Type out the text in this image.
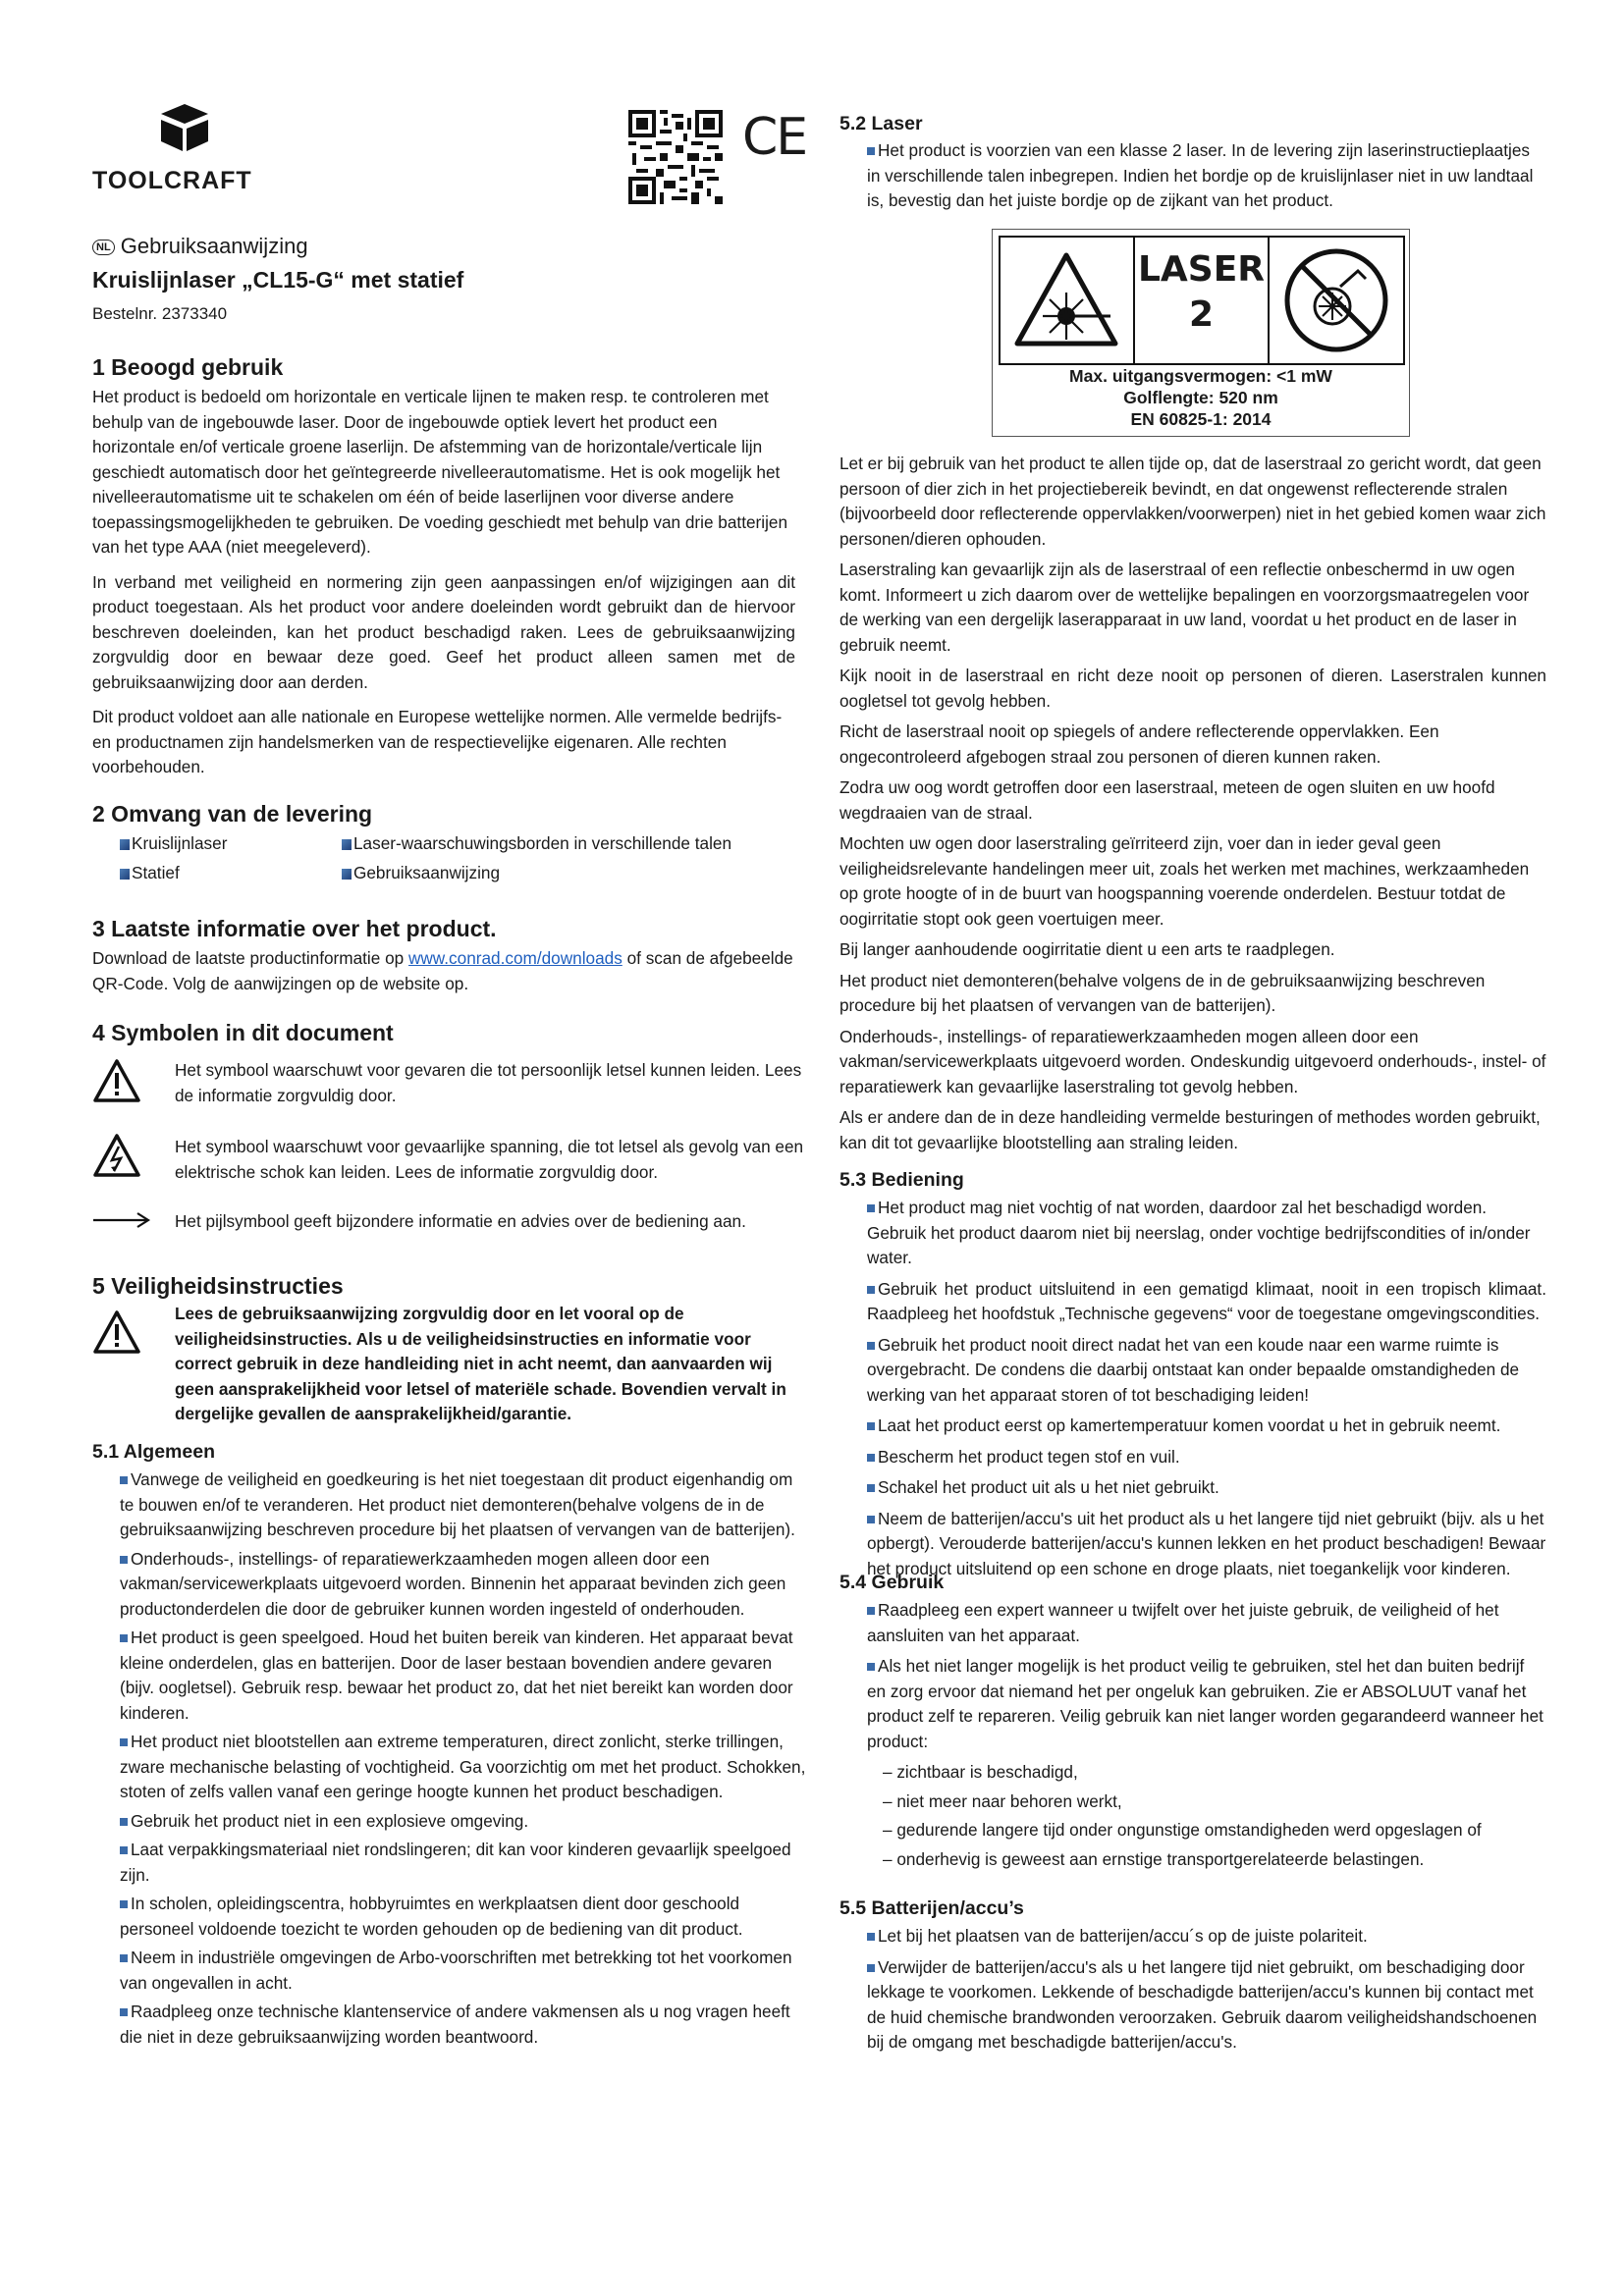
TOOLCRAFT
CE
NL Gebruiksaanwijzing
Kruislijnlaser „CL15-G“ met statief
Bestelnr. 2373340
1 Beoogd gebruik

Het product is bedoeld om horizontale en verticale lijnen te maken resp. te controleren met behulp van de ingebouwde laser. Door de ingebouwde optiek levert het product een horizontale en/of verticale groene laserlijn. De afstemming van de horizontale/verticale lijn geschiedt automatisch door het geïntegreerde nivelleerautomatisme. Het is ook mogelijk het nivelleerautomatisme uit te schakelen om één of beide laserlijnen voor diverse andere toepassingsmogelijkheden te gebruiken. De voeding geschiedt met behulp van drie batterijen van het type AAA (niet meegeleverd).

In verband met veiligheid en normering zijn geen aanpassingen en/of wijzigingen aan dit product toegestaan. Als het product voor andere doeleinden wordt gebruikt dan de hiervoor beschreven doeleinden, kan het product beschadigd raken. Lees de gebruiksaanwijzing zorgvuldig door en bewaar deze goed. Geef het product alleen samen met de gebruiksaanwijzing door aan derden.

Dit product voldoet aan alle nationale en Europese wettelijke normen. Alle vermelde bedrijfs- en productnamen zijn handelsmerken van de respectievelijke eigenaren. Alle rechten voorbehouden.

2 Omvang van de levering
Kruislijnlaser	Laser-waarschuwingsborden in verschillende talen
Statief	Gebruiksaanwijzing
3 Laatste informatie over het product.
Download de laatste productinformatie op www.conrad.com/downloads of scan de afgebeelde QR-Code. Volg de aanwijzingen op de website op.
4 Symbolen in dit document
Het symbool waarschuwt voor gevaren die tot persoonlijk letsel kunnen leiden. Lees de informatie zorgvuldig door.
Het symbool waarschuwt voor gevaarlijke spanning, die tot letsel als gevolg van een elektrische schok kan leiden. Lees de informatie zorgvuldig door.
Het pijlsymbool geeft bijzondere informatie en advies over de bediening aan.
5 Veiligheidsinstructies
Lees de gebruiksaanwijzing zorgvuldig door en let vooral op de veiligheidsinstructies. Als u de veiligheidsinstructies en informatie voor correct gebruik in deze handleiding niet in acht neemt, dan aanvaarden wij geen aansprakelijkheid voor letsel of materiële schade. Bovendien vervalt in dergelijke gevallen de aansprakelijkheid/garantie.
5.1 Algemeen

Vanwege de veiligheid en goedkeuring is het niet toegestaan dit product eigenhandig om te bouwen en/of te veranderen. Het product niet demonteren(behalve volgens de in de gebruiksaanwijzing beschreven procedure bij het plaatsen of vervangen van de batterijen).

Onderhouds-, instellings- of reparatiewerkzaamheden mogen alleen door een vakman/servicewerkplaats uitgevoerd worden. Binnenin het apparaat bevinden zich geen productonderdelen die door de gebruiker kunnen worden ingesteld of onderhouden.

Het product is geen speelgoed. Houd het buiten bereik van kinderen. Het apparaat bevat kleine onderdelen, glas en batterijen. Door de laser bestaan bovendien andere gevaren (bijv. oogletsel). Gebruik resp. bewaar het product zo, dat het niet bereikt kan worden door kinderen.

Het product niet blootstellen aan extreme temperaturen, direct zonlicht, sterke trillingen, zware mechanische belasting of vochtigheid. Ga voorzichtig om met het product. Schokken, stoten of zelfs vallen vanaf een geringe hoogte kunnen het product beschadigen.

Gebruik het product niet in een explosieve omgeving.

Laat verpakkingsmateriaal niet rondslingeren; dit kan voor kinderen gevaarlijk speelgoed zijn.

In scholen, opleidingscentra, hobbyruimtes en werkplaatsen dient door geschoold personeel voldoende toezicht te worden gehouden op de bediening van dit product.

Neem in industriële omgevingen de Arbo-voorschriften met betrekking tot het voorkomen van ongevallen in acht.

Raadpleeg onze technische klantenservice of andere vakmensen als u nog vragen heeft die niet in deze gebruiksaanwijzing worden beantwoord.

5.2 Laser
Het product is voorzien van een klasse 2 laser. In de levering zijn laserinstructieplaatjes in verschillende talen inbegrepen. Indien het bordje op de kruislijnlaser niet in uw landtaal is, bevestig dan het juiste bordje op de zijkant van het product.
LASER
2
Max. uitgangsvermogen: <1 mW
Golflengte: 520 nm
EN 60825-1: 2014

Let er bij gebruik van het product te allen tijde op, dat de laserstraal zo gericht wordt, dat geen persoon of dier zich in het projectiebereik bevindt, en dat ongewenst reflecterende stralen (bijvoorbeeld door reflecterende oppervlakken/voorwerpen) niet in het gebied komen waar zich personen/dieren ophouden.

Laserstraling kan gevaarlijk zijn als de laserstraal of een reflectie onbeschermd in uw ogen komt. Informeert u zich daarom over de wettelijke bepalingen en voorzorgsmaatregelen voor de werking van een dergelijk laserapparaat in uw land, voordat u het product en de laser in gebruik neemt.

Kijk nooit in de laserstraal en richt deze nooit op personen of dieren. Laserstralen kunnen oogletsel tot gevolg hebben.

Richt de laserstraal nooit op spiegels of andere reflecterende oppervlakken. Een ongecontroleerd afgebogen straal zou personen of dieren kunnen raken.

Zodra uw oog wordt getroffen door een laserstraal, meteen de ogen sluiten en uw hoofd wegdraaien van de straal.

Mochten uw ogen door laserstraling geïrriteerd zijn, voer dan in ieder geval geen veiligheidsrelevante handelingen meer uit, zoals het werken met machines, werkzaamheden op grote hoogte of in de buurt van hoogspanning voerende onderdelen. Bestuur totdat de oogirritatie stopt ook geen voertuigen meer.

Bij langer aanhoudende oogirritatie dient u een arts te raadplegen.

Het product niet demonteren(behalve volgens de in de gebruiksaanwijzing beschreven procedure bij het plaatsen of vervangen van de batterijen).

Onderhouds-, instellings- of reparatiewerkzaamheden mogen alleen door een vakman/servicewerkplaats uitgevoerd worden. Ondeskundig uitgevoerd onderhouds-, instel- of reparatiewerk kan gevaarlijke laserstraling tot gevolg hebben.

Als er andere dan de in deze handleiding vermelde besturingen of methodes worden gebruikt, kan dit tot gevaarlijke blootstelling aan straling leiden.

5.3 Bediening

Het product mag niet vochtig of nat worden, daardoor zal het beschadigd worden. Gebruik het product daarom niet bij neerslag, onder vochtige bedrijfscondities of in/onder water.

Gebruik het product uitsluitend in een gematigd klimaat, nooit in een tropisch klimaat. Raadpleeg het hoofdstuk „Technische gegevens“ voor de toegestane omgevingscondities.

Gebruik het product nooit direct nadat het van een koude naar een warme ruimte is overgebracht. De condens die daarbij ontstaat kan onder bepaalde omstandigheden de werking van het apparaat storen of tot beschadiging leiden!

Laat het product eerst op kamertemperatuur komen voordat u het in gebruik neemt.

Bescherm het product tegen stof en vuil.

Schakel het product uit als u het niet gebruikt.

Neem de batterijen/accu's uit het product als u het langere tijd niet gebruikt (bijv. als u het opbergt). Verouderde batterijen/accu's kunnen lekken en het product beschadigen! Bewaar het product uitsluitend op een schone en droge plaats, niet toegankelijk voor kinderen.

5.4 Gebruik

Raadpleeg een expert wanneer u twijfelt over het juiste gebruik, de veiligheid of het aansluiten van het apparaat.

Als het niet langer mogelijk is het product veilig te gebruiken, stel het dan buiten bedrijf en zorg ervoor dat niemand het per ongeluk kan gebruiken. Zie er ABSOLUUT vanaf het product zelf te repareren. Veilig gebruik kan niet langer worden gegarandeerd wanneer het product:

– zichtbaar is beschadigd,

– niet meer naar behoren werkt,

– gedurende langere tijd onder ongunstige omstandigheden werd opgeslagen of

– onderhevig is geweest aan ernstige transportgerelateerde belastingen.

5.5 Batterijen/accu’s

Let bij het plaatsen van de batterijen/accu´s op de juiste polariteit.

Verwijder de batterijen/accu's als u het langere tijd niet gebruikt, om beschadiging door lekkage te voorkomen. Lekkende of beschadigde batterijen/accu's kunnen bij contact met de huid chemische brandwonden veroorzaken. Gebruik daarom veiligheidshandschoenen bij de omgang met beschadigde batterijen/accu's.
